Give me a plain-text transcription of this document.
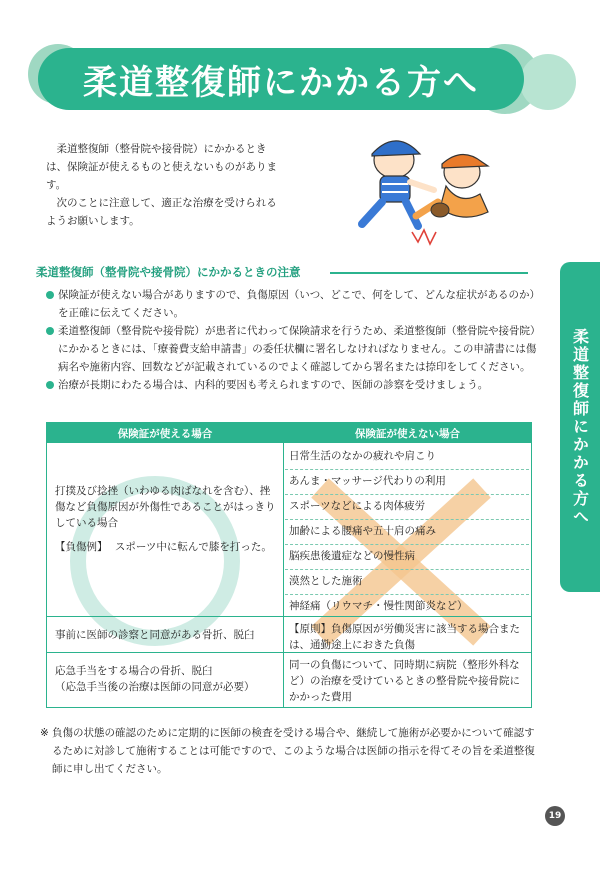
柔道整復師にかかる方へ

柔道整復師（整骨院や接骨院）にかかるときは、保険証が使えるものと使えないものがあります。

次のことに注意して、適正な治療を受けられるようお願いします。

柔道整復師（整骨院や接骨院）にかかるときの注意
保険証が使えない場合がありますので、負傷原因（いつ、どこで、何をして、どんな症状があるのか）を正確に伝えてください。
柔道整復師（整骨院や接骨院）が患者に代わって保険請求を行うため、柔道整復師（整骨院や接骨院）にかかるときには、「療養費支給申請書」の委任状欄に署名しなければなりません。この申請書には傷病名や施術内容、回数などが記載されているのでよく確認してから署名または捺印をしてください。
治療が長期にわたる場合は、内科的要因も考えられますので、医師の診察を受けましょう。	柔道整復師にかかる方へ
保険証が使える場合	保険証が使えない場合
打撲及び捻挫（いわゆる肉ばなれを含む）、挫傷など負傷原因が外傷性であることがはっきりしている場合
【負傷例】 スポーツ中に転んで膝を打った。
事前に医師の診察と同意がある骨折、脱臼
応急手当をする場合の骨折、脱臼
（応急手当後の治療は医師の同意が必要）
日常生活のなかの疲れや肩こり
あんま・マッサージ代わりの利用
スポーツなどによる肉体疲労
加齢による腰痛や五十肩の痛み
脳疾患後遺症などの慢性病
漠然とした施術
神経痛（リウマチ・慢性関節炎など）
【原則】負傷原因が労働災害に該当する場合または、通勤途上におきた負傷
同一の負傷について、同時期に病院（整形外科など）の治療を受けているときの整骨院や接骨院にかかった費用
※ 負傷の状態の確認のために定期的に医師の検査を受ける場合や、継続して施術が必要かについて確認するために対診して施術することは可能ですので、このような場合は医師の指示を得てその旨を柔道整復師に申し出てください。

19
